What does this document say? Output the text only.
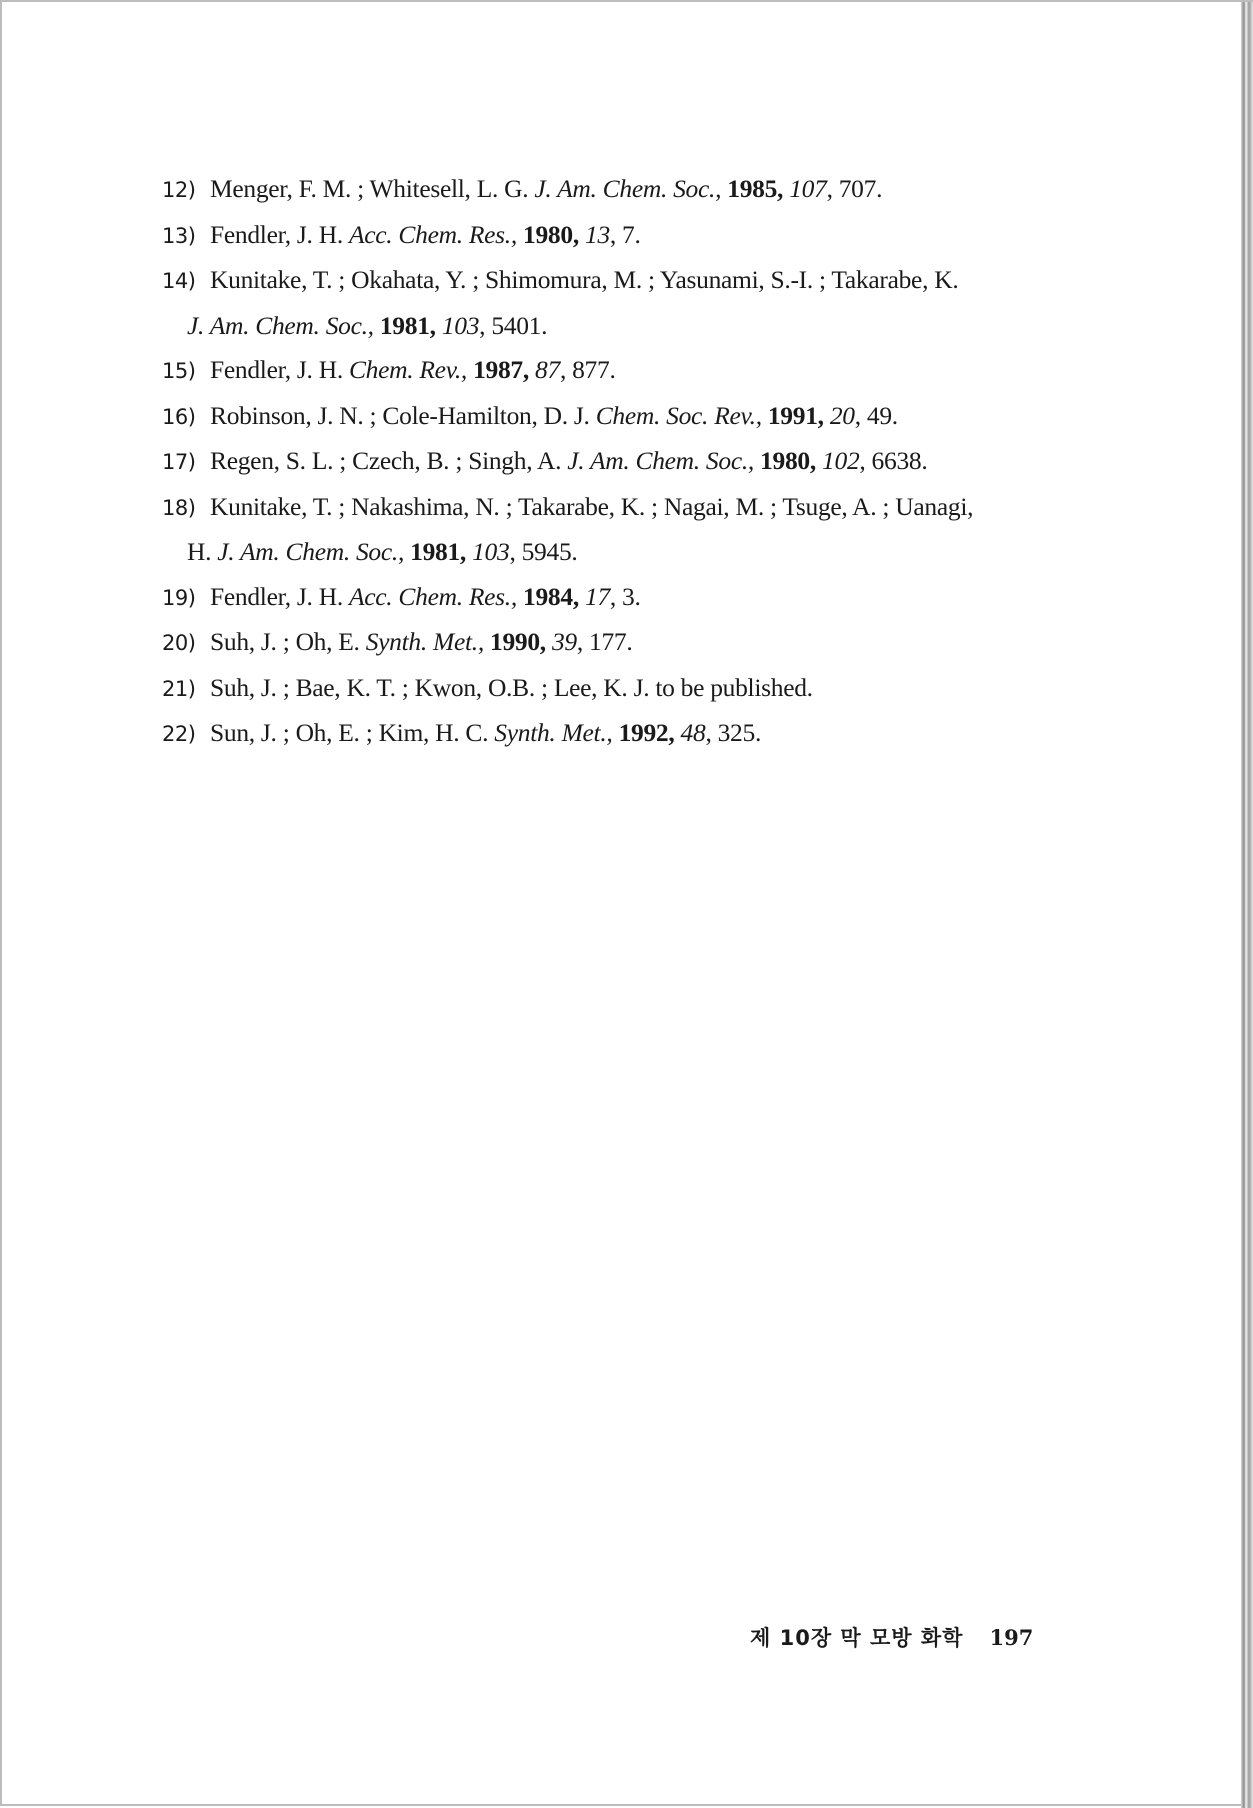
12) Menger, F. M. ; Whitesell, L. G. J. Am. Chem. Soc., 1985, 107, 707.
13) Fendler, J. H. Acc. Chem. Res., 1980, 13, 7.
14) Kunitake, T. ; Okahata, Y. ; Shimomura, M. ; Yasunami, S.-I. ; Takarabe, K.
J. Am. Chem. Soc., 1981, 103, 5401.
15) Fendler, J. H. Chem. Rev., 1987, 87, 877.
16) Robinson, J. N. ; Cole-Hamilton, D. J. Chem. Soc. Rev., 1991, 20, 49.
17) Regen, S. L. ; Czech, B. ; Singh, A. J. Am. Chem. Soc., 1980, 102, 6638.
18) Kunitake, T. ; Nakashima, N. ; Takarabe, K. ; Nagai, M. ; Tsuge, A. ; Uanagi,
H. J. Am. Chem. Soc., 1981, 103, 5945.
19) Fendler, J. H. Acc. Chem. Res., 1984, 17, 3.
20) Suh, J. ; Oh, E. Synth. Met., 1990, 39, 177.
21) Suh, J. ; Bae, K. T. ; Kwon, O.B. ; Lee, K. J. to be published.
22) Sun, J. ; Oh, E. ; Kim, H. C. Synth. Met., 1992, 48, 325.
제 10장 막 모방 화학 197
